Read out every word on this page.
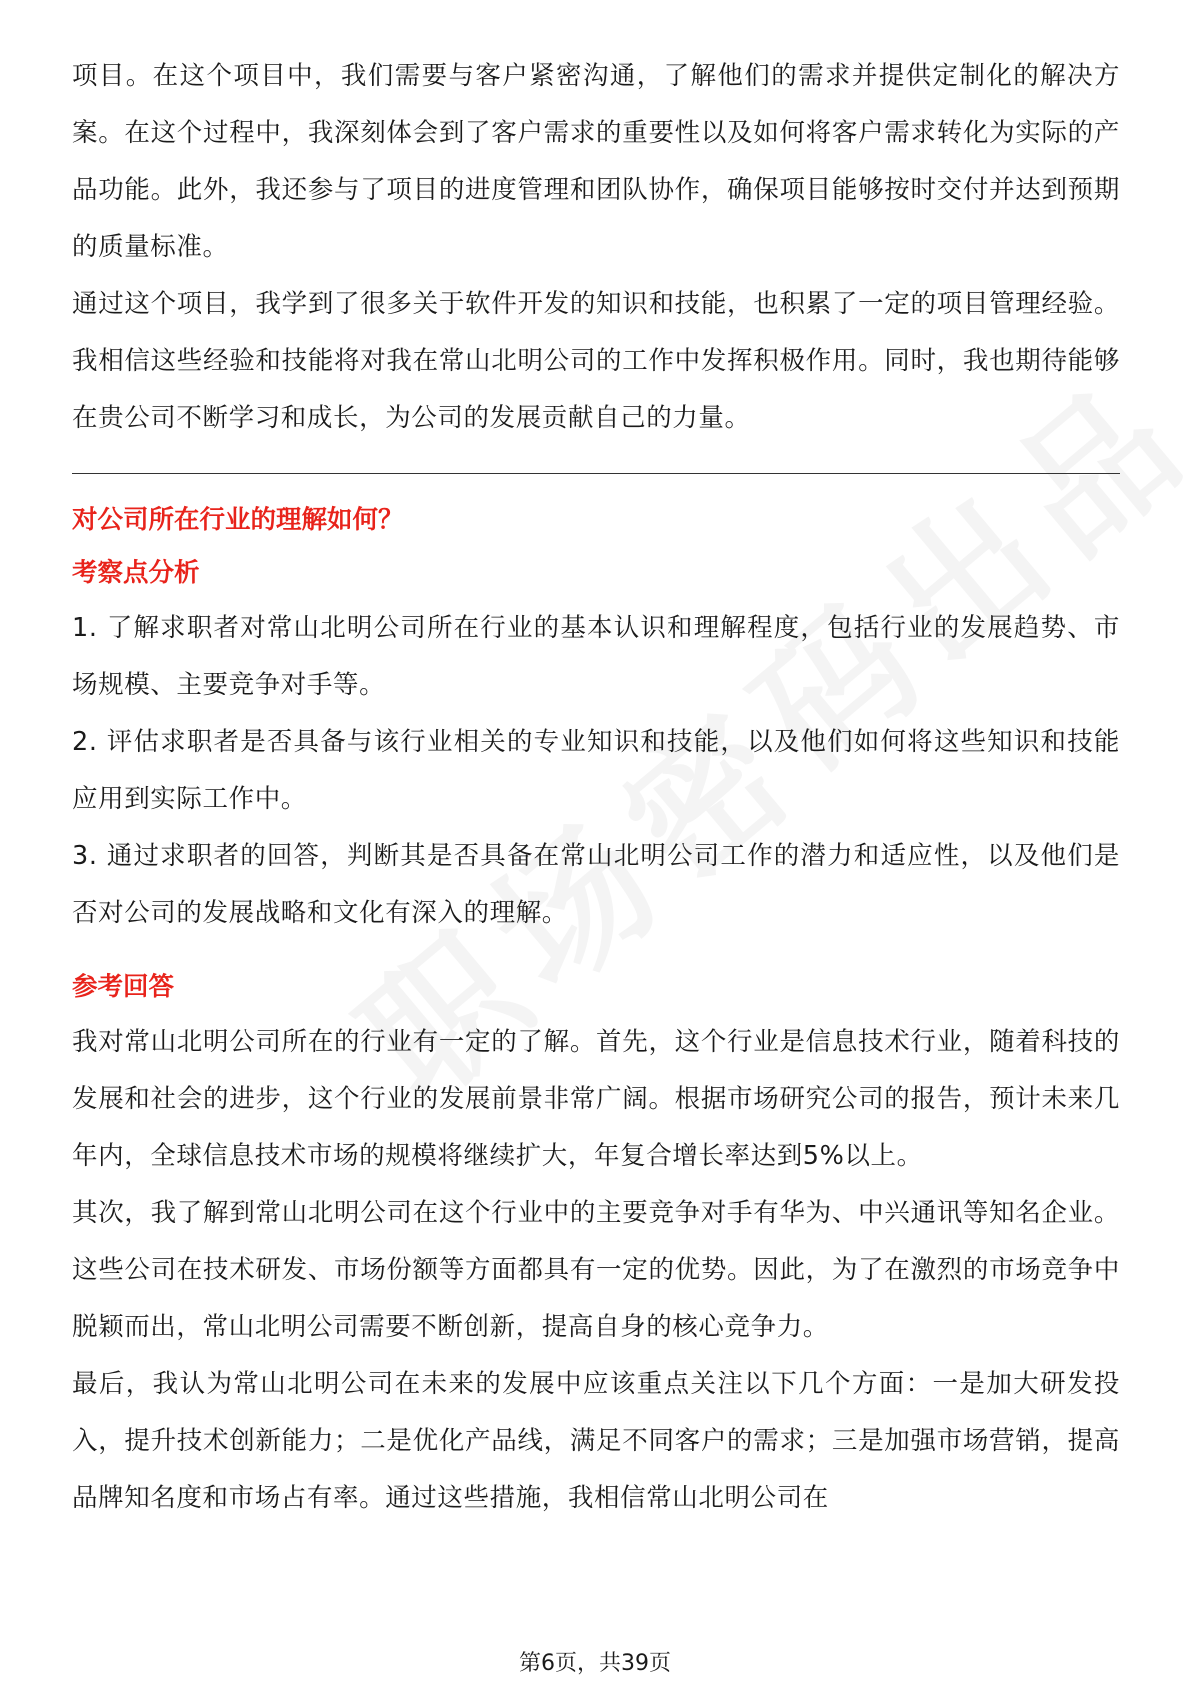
项目。在这个项目中，我们需要与客户紧密沟通，了解他们的需求并提供定制化的解决方案。在这个过程中，我深刻体会到了客户需求的重要性以及如何将客户需求转化为实际的产品功能。此外，我还参与了项目的进度管理和团队协作，确保项目能够按时交付并达到预期的质量标准。

通过这个项目，我学到了很多关于软件开发的知识和技能，也积累了一定的项目管理经验。我相信这些经验和技能将对我在常山北明公司的工作中发挥积极作用。同时，我也期待能够在贵公司不断学习和成长，为公司的发展贡献自己的力量。

对公司所在行业的理解如何？

考察点分析

1. 了解求职者对常山北明公司所在行业的基本认识和理解程度，包括行业的发展趋势、市场规模、主要竞争对手等。

2. 评估求职者是否具备与该行业相关的专业知识和技能，以及他们如何将这些知识和技能应用到实际工作中。

3. 通过求职者的回答，判断其是否具备在常山北明公司工作的潜力和适应性，以及他们是否对公司的发展战略和文化有深入的理解。

参考回答

我对常山北明公司所在的行业有一定的了解。首先，这个行业是信息技术行业，随着科技的发展和社会的进步，这个行业的发展前景非常广阔。根据市场研究公司的报告，预计未来几年内，全球信息技术市场的规模将继续扩大，年复合增长率达到5%以上。

其次，我了解到常山北明公司在这个行业中的主要竞争对手有华为、中兴通讯等知名企业。这些公司在技术研发、市场份额等方面都具有一定的优势。因此，为了在激烈的市场竞争中脱颖而出，常山北明公司需要不断创新，提高自身的核心竞争力。

最后，我认为常山北明公司在未来的发展中应该重点关注以下几个方面：一是加大研发投入，提升技术创新能力；二是优化产品线，满足不同客户的需求；三是加强市场营销，提高品牌知名度和市场占有率。通过这些措施，我相信常山北明公司在

第6页，共39页
